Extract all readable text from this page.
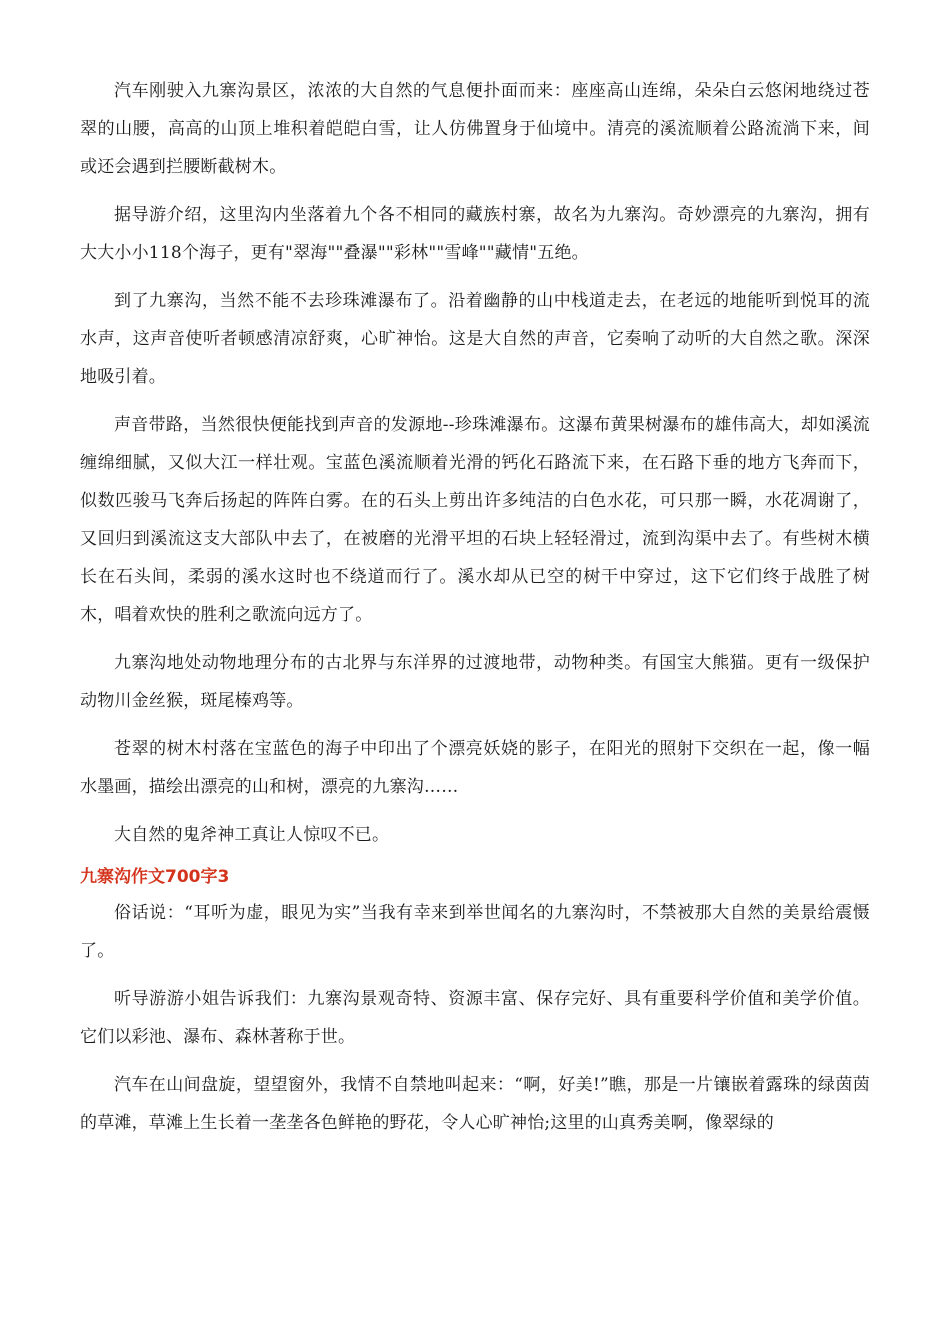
汽车刚驶入九寨沟景区，浓浓的大自然的气息便扑面而来：座座高山连绵，朵朵白云悠闲地绕过苍翠的山腰，高高的山顶上堆积着皑皑白雪，让人仿佛置身于仙境中。清亮的溪流顺着公路流淌下来，间或还会遇到拦腰断截树木。

据导游介绍，这里沟内坐落着九个各不相同的藏族村寨，故名为九寨沟。奇妙漂亮的九寨沟，拥有大大小小118个海子，更有"翠海""叠瀑""彩林""雪峰""藏情"五绝。

到了九寨沟，当然不能不去珍珠滩瀑布了。沿着幽静的山中栈道走去，在老远的地能听到悦耳的流水声，这声音使听者顿感清凉舒爽，心旷神怡。这是大自然的声音，它奏响了动听的大自然之歌。深深地吸引着。

声音带路，当然很快便能找到声音的发源地--珍珠滩瀑布。这瀑布黄果树瀑布的雄伟高大，却如溪流缠绵细腻，又似大江一样壮观。宝蓝色溪流顺着光滑的钙化石路流下来，在石路下垂的地方飞奔而下，似数匹骏马飞奔后扬起的阵阵白雾。在的石头上剪出许多纯洁的白色水花，可只那一瞬，水花凋谢了，又回归到溪流这支大部队中去了，在被磨的光滑平坦的石块上轻轻滑过，流到沟渠中去了。有些树木横长在石头间，柔弱的溪水这时也不绕道而行了。溪水却从已空的树干中穿过，这下它们终于战胜了树木，唱着欢快的胜利之歌流向远方了。

九寨沟地处动物地理分布的古北界与东洋界的过渡地带，动物种类。有国宝大熊猫。更有一级保护动物川金丝猴，斑尾榛鸡等。

苍翠的树木村落在宝蓝色的海子中印出了个漂亮妖娆的影子，在阳光的照射下交织在一起，像一幅水墨画，描绘出漂亮的山和树，漂亮的九寨沟……

大自然的鬼斧神工真让人惊叹不已。

九寨沟作文700字3

俗话说：“耳听为虚，眼见为实”当我有幸来到举世闻名的九寨沟时，不禁被那大自然的美景给震慑了。

听导游游小姐告诉我们：九寨沟景观奇特、资源丰富、保存完好、具有重要科学价值和美学价值。它们以彩池、瀑布、森林著称于世。

汽车在山间盘旋，望望窗外，我情不自禁地叫起来：“啊，好美!”瞧，那是一片镶嵌着露珠的绿茵茵的草滩，草滩上生长着一垄垄各色鲜艳的野花，令人心旷神怡;这里的山真秀美啊，像翠绿的
